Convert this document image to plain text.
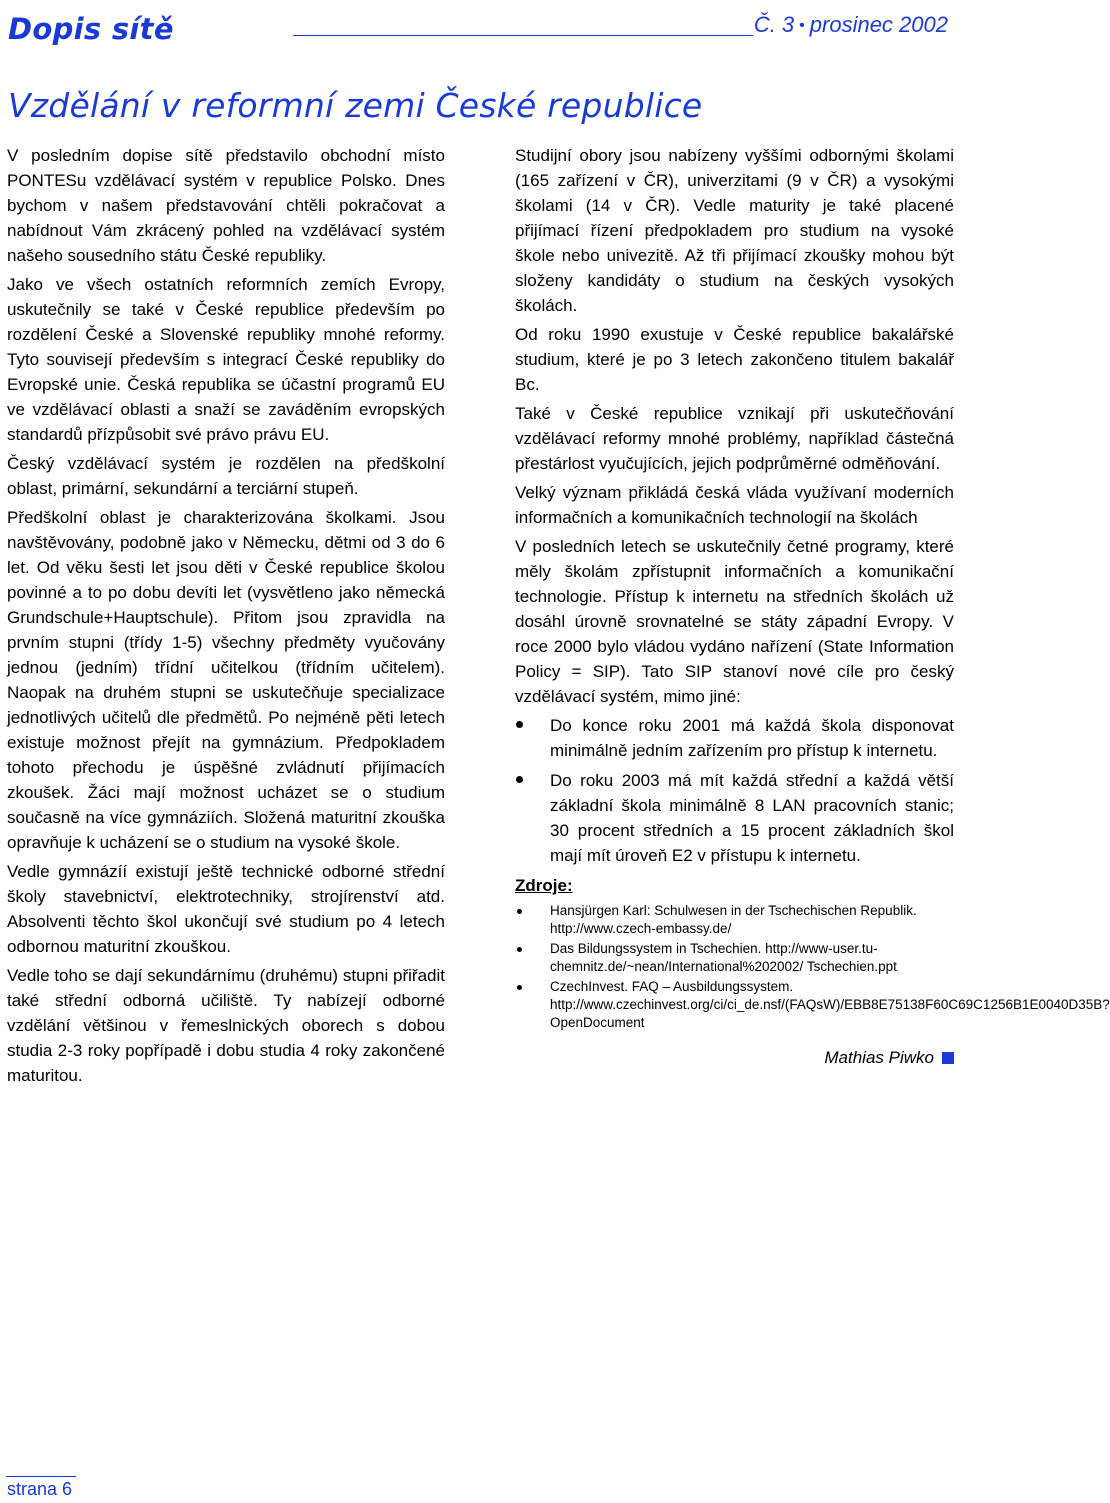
Dopis sítě	Č. 3 • prosinec 2002
Vzdělání v reformní zemi České republice

V posledním dopise sítě představilo obchodní místo PONTESu vzdělávací systém v republice Polsko. Dnes bychom v našem představování chtěli pokračovat a nabídnout Vám zkrácený pohled na vzdělávací systém našeho sousedního státu České republiky.

Jako ve všech ostatních reformních zemích Evropy, uskutečnily se také v České republice především po rozdělení České a Slovenské republiky mnohé reformy. Tyto souvisejí především s integrací České republiky do Evropské unie. Česká republika se účastní programů EU ve vzdělávací oblasti a snaží se zaváděním evropských standardů přízpůsobit své právo právu EU.

Český vzdělávací systém je rozdělen na předškolní oblast, primární, sekundární a terciární stupeň.

Předškolní oblast je charakterizována školkami. Jsou navštěvovány, podobně jako v Německu, dětmi od 3 do 6 let. Od věku šesti let jsou děti v České republice školou povinné a to po dobu devíti let (vysvětleno jako německá Grundschule+Hauptschule). Přitom jsou zpravidla na prvním stupni (třídy 1-5) všechny předměty vyučovány jednou (jedním) třídní učitelkou (třídním učitelem). Naopak na druhém stupni se uskutečňuje specializace jednotlivých učitelů dle předmětů. Po nejméně pěti letech existuje možnost přejít na gymnázium. Předpokladem tohoto přechodu je úspěšné zvládnutí přijímacích zkoušek. Žáci mají možnost ucházet se o studium současně na více gymnáziích. Složená maturitní zkouška opravňuje k ucházení se o studium na vysoké škole.

Vedle gymnázíí existují ještě technické odborné střední školy stavebnictví, elektrotechniky, strojírenství atd. Absolventi těchto škol ukončují své studium po 4 letech odbornou maturitní zkouškou.

Vedle toho se dají sekundárnímu (druhému) stupni přiřadit také střední odborná učiliště. Ty nabízejí odborné vzdělání většinou v řemeslnických oborech s dobou studia 2-3 roky popřípadě i dobu studia 4 roky zakončené maturitou.

Studijní obory jsou nabízeny vyššími odbornými školami (165 zařízení v ČR), univerzitami (9 v ČR) a vysokými školami (14 v ČR). Vedle maturity je také placené přijímací řízení předpokladem pro studium na vysoké škole nebo univezitě. Až tři přijímací zkoušky mohou být složeny kandidáty o studium na českých vysokých školách.

Od roku 1990 exustuje v České republice bakalářské studium, které je po 3 letech zakončeno titulem bakalář Bc.

Také v České republice vznikají při uskutečňování vzdělávací reformy mnohé problémy, například částečná přestárlost vyučujících, jejich podprůměrné odměňování.

Velký význam přikládá česká vláda využívaní moderních informačních a komunikačních technologií na školách

V posledních letech se uskutečnily četné programy, které měly školám zpřístupnit informačních a komunikační technologie. Přístup k internetu na středních školách už dosáhl úrovně srovnatelné se státy západní Evropy. V roce 2000 bylo vládou vydáno nařízení (State Information Policy = SIP). Tato SIP stanoví nové cíle pro český vzdělávací systém, mimo jiné:

Do konce roku 2001 má každá škola disponovat minimálně jedním zařízením pro přístup k internetu.
Do roku 2003 má mít každá střední a každá větší základní škola minimálně 8 LAN pracovních stanic; 30 procent středních a 15 procent základních škol mají mít úroveň E2 v přístupu k internetu.
Zdroje:
Hansjürgen Karl: Schulwesen in der Tschechischen Republik. http://www.czech-embassy.de/
Das Bildungssystem in Tschechien. http://www-user.tu-chemnitz.de/~nean/International%202002/ Tschechien.ppt
CzechInvest. FAQ – Ausbildungssystem. http://www.czechinvest.org/ci/ci_de.nsf/(FAQsW)/EBB8E75138F60C69C1256B1E0040D35B?OpenDocument
Mathias Piwko
strana 6
